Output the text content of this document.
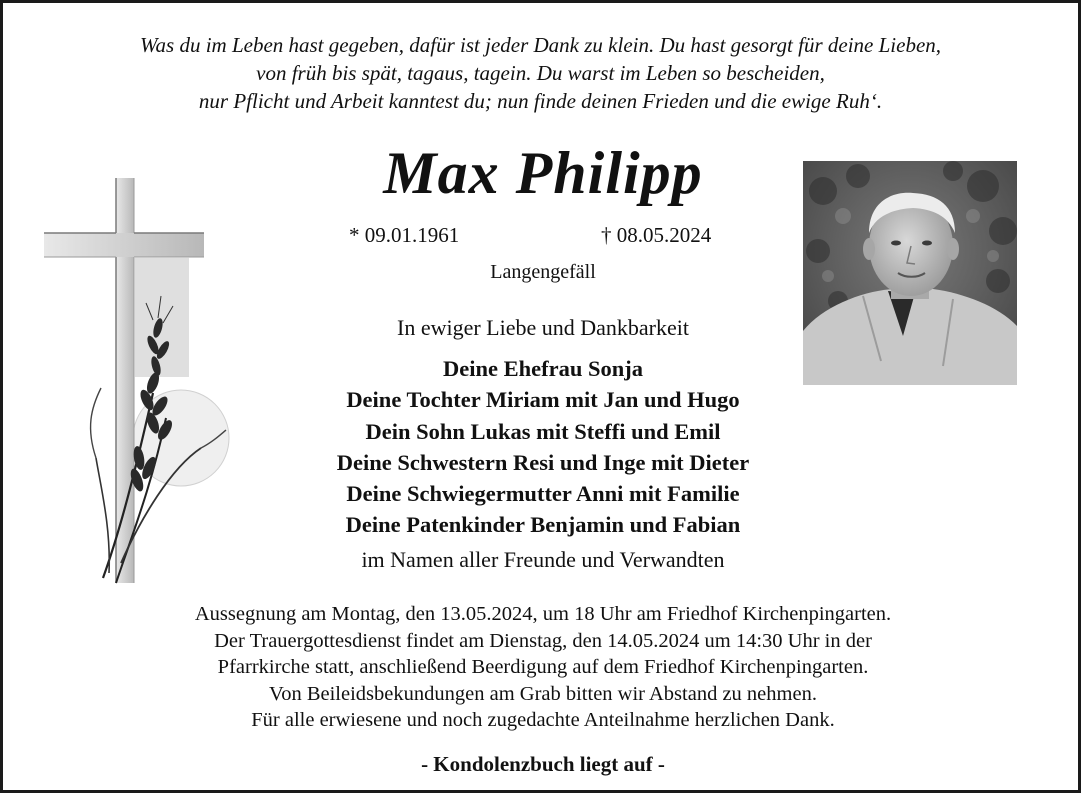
Was du im Leben hast gegeben, dafür ist jeder Dank zu klein. Du hast gesorgt für deine Lieben,
von früh bis spät, tagaus, tagein. Du warst im Leben so bescheiden,
nur Pflicht und Arbeit kanntest du; nun finde deinen Frieden und die ewige Ruh‘.
Max Philipp
* 09.01.1961	† 08.05.2024
Langengefäll
In ewiger Liebe und Dankbarkeit
Deine Ehefrau Sonja
Deine Tochter Miriam mit Jan und Hugo
Dein Sohn Lukas mit Steffi und Emil
Deine Schwestern Resi und Inge mit Dieter
Deine Schwiegermutter Anni mit Familie
Deine Patenkinder Benjamin und Fabian
im Namen aller Freunde und Verwandten
Aussegnung am Montag, den 13.05.2024, um 18 Uhr am Friedhof Kirchenpingarten.
Der Trauergottesdienst findet am Dienstag, den 14.05.2024 um 14:30 Uhr in der
Pfarrkirche statt, anschließend Beerdigung auf dem Friedhof Kirchenpingarten.
Von Beileidsbekundungen am Grab bitten wir Abstand zu nehmen.
Für alle erwiesene und noch zugedachte Anteilnahme herzlichen Dank.
- Kondolenzbuch liegt auf -
